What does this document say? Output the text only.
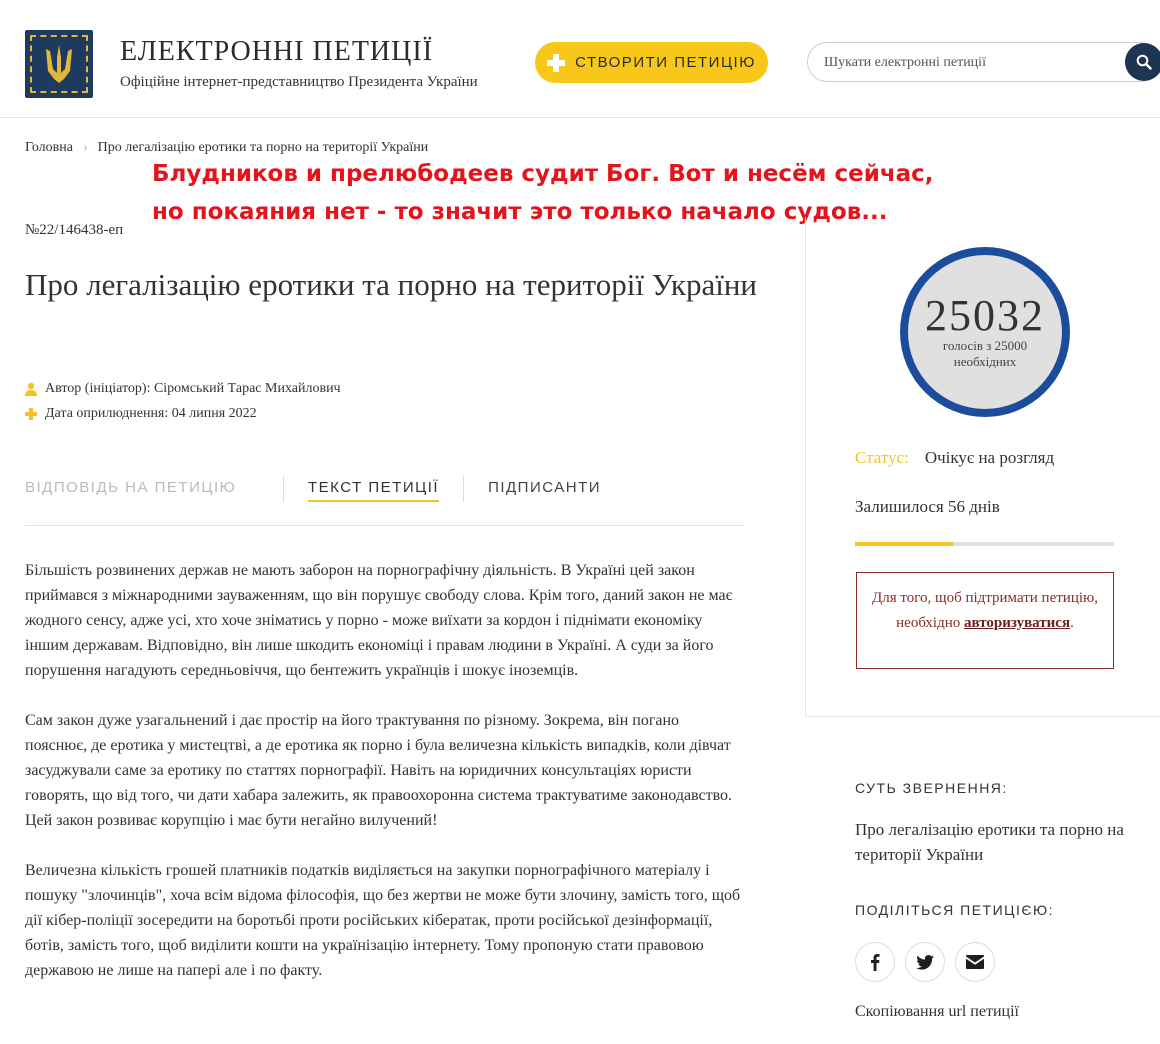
ЕЛЕКТРОННІ ПЕТИЦІЇ
Офіційне інтернет-представництво Президента України
СТВОРИТИ ПЕТИЦІЮ
Шукати електронні петиції
Головна › Про легалізацію еротики та порно на території України
№22/146438-еп
Блудников и прелюбодеев судит Бог. Вот и несём сейчас, но покаяния нет - то значит это только начало судов...
Про легалізацію еротики та порно на території України
Автор (ініціатор): Сіромський Тарас Михайлович
Дата оприлюднення: 04 липня 2022
ВІДПОВІДЬ НА ПЕТИЦІЮ	ТЕКСТ ПЕТИЦІЇ	ПІДПИСАНТИ

Більшість розвинених держав не мають заборон на порнографічну діяльність. В Україні цей закон приймався з міжнародними зауваженням, що він порушує свободу слова. Крім того, даний закон не має жодного сенсу, адже усі, хто хоче зніматись у порно - може виїхати за кордон і піднімати економіку іншим державам. Відповідно, він лише шкодить економіці і правам людини в Україні. А суди за його порушення нагадують середньовіччя, що бентежить українців і шокує іноземців.

Сам закон дуже узагальнений і дає простір на його трактування по різному. Зокрема, він погано пояснює, де еротика у мистецтві, а де еротика як порно і була величезна кількість випадків, коли дівчат засуджували саме за еротику по статтях порнографії. Навіть на юридичних консультаціях юристи говорять, що від того, чи дати хабара залежить, як правоохоронна система трактуватиме законодавство. Цей закон розвиває корупцію і має бути негайно вилучений!

Величезна кількість грошей платників податків виділяється на закупки порнографічного матеріалу і пошуку "злочинців", хоча всім відома філософія, що без жертви не може бути злочину, замість того, щоб дії кібер-поліції зосередити на боротьбі проти російських кібератак, проти російської дезінформації, ботів, замість того, щоб виділити кошти на українізацію інтернету. Тому пропоную стати правовою державою не лише на папері але і по факту.

25032
голосів з 25000 необхідних
Статус: Очікує на розгляд
Залишилося 56 днів
Для того, щоб підтримати петицію, необхідно авторизуватися.
СУТЬ ЗВЕРНЕННЯ:
Про легалізацію еротики та порно на території України
ПОДІЛІТЬСЯ ПЕТИЦІЄЮ:
Скопіювання url петиції
